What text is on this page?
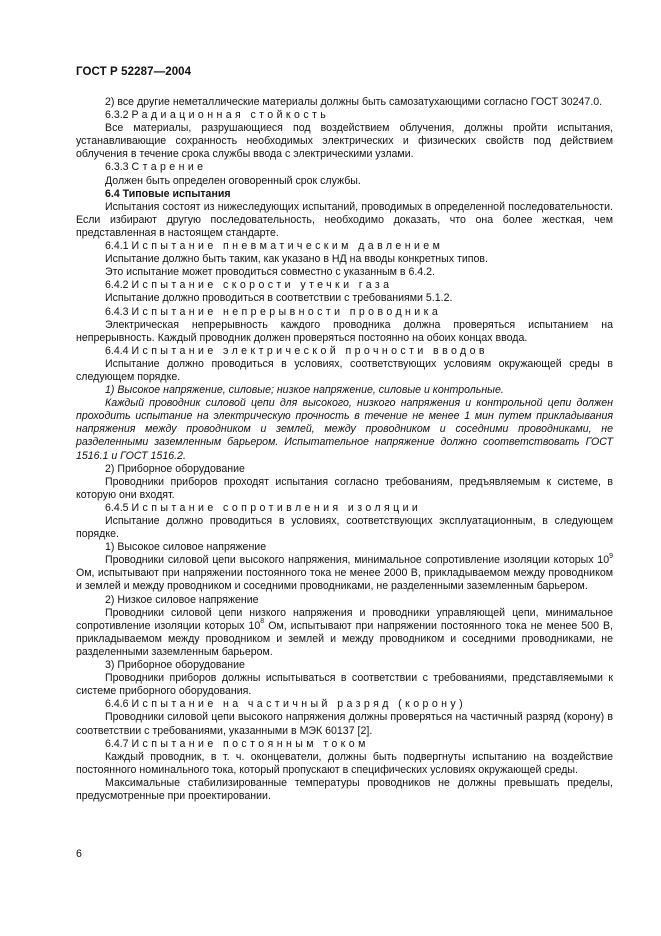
ГОСТ Р 52287—2004

2) все другие неметаллические материалы должны быть самозатухающими согласно ГОСТ 30247.0.

6.3.2 Радиационная стойкость

Все материалы, разрушающиеся под воздействием облучения, должны пройти испытания, устанавливающие сохранность необходимых электрических и физических свойств под действием облучения в течение срока службы ввода с электрическими узлами.

6.3.3 Старение

Должен быть определен оговоренный срок службы.

6.4 Типовые испытания

Испытания состоят из нижеследующих испытаний, проводимых в определенной последовательности. Если избирают другую последовательность, необходимо доказать, что она более жесткая, чем представленная в настоящем стандарте.

6.4.1 Испытание пневматическим давлением

Испытание должно быть таким, как указано в НД на вводы конкретных типов.

Это испытание может проводиться совместно с указанным в 6.4.2.

6.4.2 Испытание скорости утечки газа

Испытание должно проводиться в соответствии с требованиями 5.1.2.

6.4.3 Испытание непрерывности проводника

Электрическая непрерывность каждого проводника должна проверяться испытанием на непрерывность. Каждый проводник должен проверяться постоянно на обоих концах ввода.

6.4.4 Испытание электрической прочности вводов

Испытание должно проводиться в условиях, соответствующих условиям окружающей среды в следующем порядке.

1) Высокое напряжение, силовые; низкое напряжение, силовые и контрольные.

Каждый проводник силовой цепи для высокого, низкого напряжения и контрольной цепи должен проходить испытание на электрическую прочность в течение не менее 1 мин путем прикладывания напряжения между проводником и землей, между проводником и соседними проводниками, не разделенными заземленным барьером. Испытательное напряжение должно соответствовать ГОСТ 1516.1 и ГОСТ 1516.2.

2) Приборное оборудование

Проводники приборов проходят испытания согласно требованиям, предъявляемым к системе, в которую они входят.

6.4.5 Испытание сопротивления изоляции

Испытание должно проводиться в условиях, соответствующих эксплуатационным, в следующем порядке.

1) Высокое силовое напряжение

Проводники силовой цепи высокого напряжения, минимальное сопротивление изоляции которых $10^9$ Ом, испытывают при напряжении постоянного тока не менее 2000 В, прикладываемом между проводником и землей и между проводником и соседними проводниками, не разделенными заземленным барьером.

2) Низкое силовое напряжение

Проводники силовой цепи низкого напряжения и проводники управляющей цепи, минимальное сопротивление изоляции которых $10^8$ Ом, испытывают при напряжении постоянного тока не менее 500 В, прикладываемом между проводником и землей и между проводником и соседними проводниками, не разделенными заземленным барьером.

3) Приборное оборудование

Проводники приборов должны испытываться в соответствии с требованиями, представляемыми к системе приборного оборудования.

6.4.6 Испытание на частичный разряд (корону)

Проводники силовой цепи высокого напряжения должны проверяться на частичный разряд (корону) в соответствии с требованиями, указанными в МЭК 60137 [2].

6.4.7 Испытание постоянным током

Каждый проводник, в т. ч. оконцеватели, должны быть подвергнуты испытанию на воздействие постоянного номинального тока, который пропускают в специфических условиях окружающей среды.

Максимальные стабилизированные температуры проводников не должны превышать пределы, предусмотренные при проектировании.

6
